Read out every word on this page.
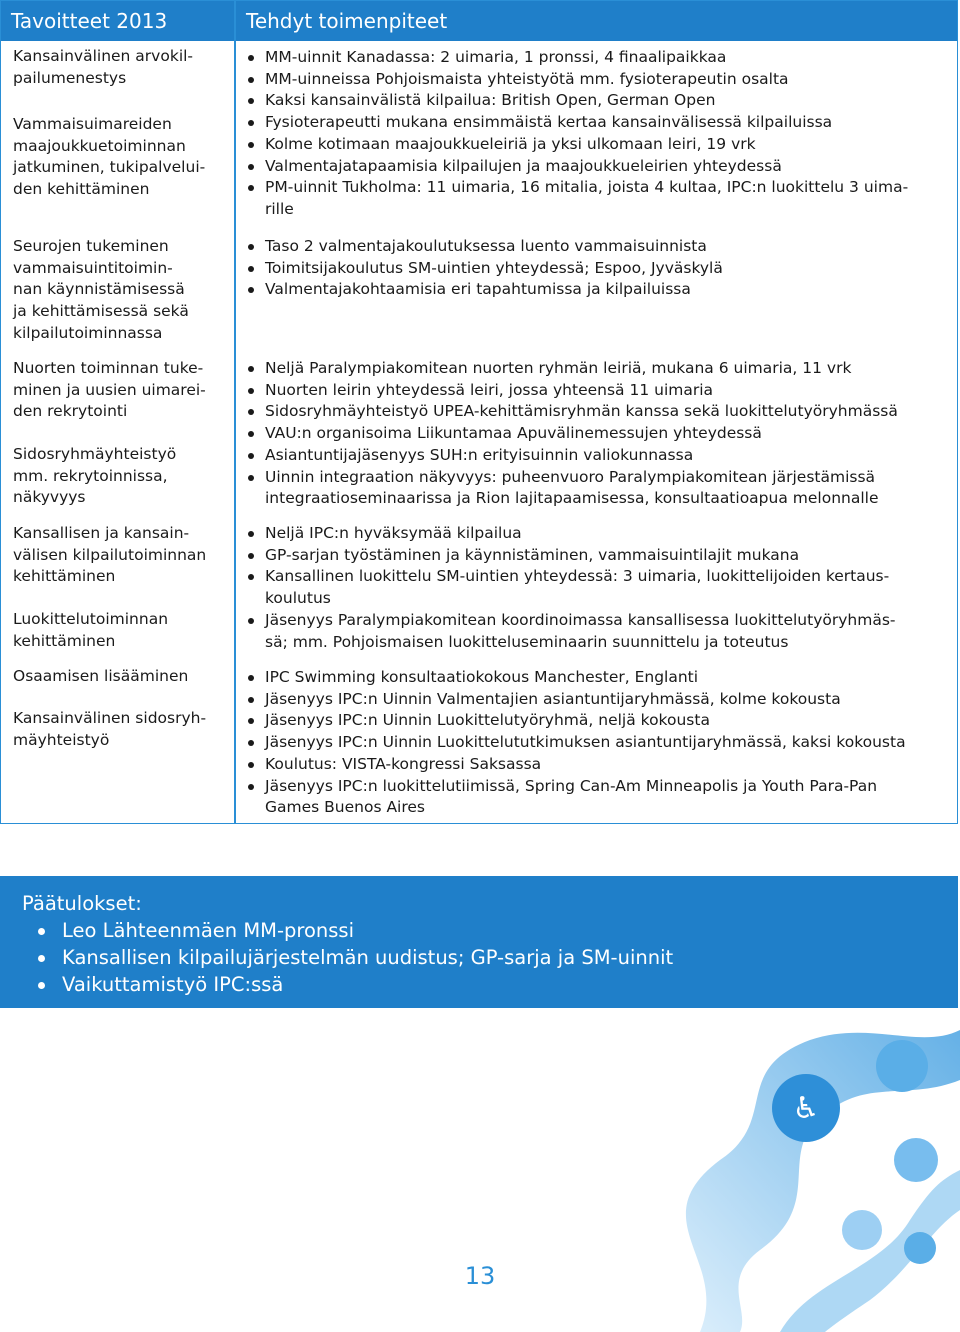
Tavoitteet 2013	Tehdyt toimenpiteet

Kansainvälinen arvokil-
pailumenestys

Vammaisuimareiden
maajoukkuetoiminnan
jatkuminen, tukipalvelui-
den kehittäminen

Seurojen tukeminen
vammaisuintitoimin-
nan käynnistämisessä
ja kehittämisessä sekä
kilpailutoiminnassa

Nuorten toiminnan tuke-
minen ja uusien uimarei-
den rekrytointi

Sidosryhmäyhteistyö
mm. rekrytoinnissa,
näkyvyys

Kansallisen ja kansain-
välisen kilpailutoiminnan
kehittäminen

Luokittelutoiminnan
kehittäminen

Osaamisen lisääminen

Kansainvälinen sidosryh-
mäyhteistyö

MM-uinnit Kanadassa: 2 uimaria, 1 pronssi, 4 finaalipaikkaa
MM-uinneissa Pohjoismaista yhteistyötä mm. fysioterapeutin osalta
Kaksi kansainvälistä kilpailua: British Open, German Open
Fysioterapeutti mukana ensimmäistä kertaa kansainvälisessä kilpailuissa
Kolme kotimaan maajoukkueleiriä ja yksi ulkomaan leiri, 19 vrk
Valmentajatapaamisia kilpailujen ja maajoukkueleirien yhteydessä
PM-uinnit Tukholma: 11 uimaria, 16 mitalia, joista 4 kultaa, IPC:n luokittelu 3 uima-
rille
Taso 2 valmentajakoulutuksessa luento vammaisuinnista
Toimitsijakoulutus SM-uintien yhteydessä; Espoo, Jyväskylä
Valmentajakohtaamisia eri tapahtumissa ja kilpailuissa
Neljä Paralympiakomitean nuorten ryhmän leiriä, mukana 6 uimaria, 11 vrk
Nuorten leirin yhteydessä leiri, jossa yhteensä 11 uimaria
Sidosryhmäyhteistyö UPEA-kehittämisryhmän kanssa sekä luokittelutyöryhmässä
VAU:n organisoima Liikuntamaa Apuvälinemessujen yhteydessä
Asiantuntijajäsenyys SUH:n erityisuinnin valiokunnassa
Uinnin integraation näkyvyys: puheenvuoro Paralympiakomitean järjestämissä
integraatioseminaarissa ja Rion lajitapaamisessa, konsultaatioapua melonnalle
Neljä IPC:n hyväksymää kilpailua
GP-sarjan työstäminen ja käynnistäminen, vammaisuintilajit mukana
Kansallinen luokittelu SM-uintien yhteydessä: 3 uimaria, luokittelijoiden kertaus-
koulutus
Jäsenyys Paralympiakomitean koordinoimassa kansallisessa luokittelutyöryhmäs-
sä; mm. Pohjoismaisen luokitteluseminaarin suunnittelu ja toteutus
IPC Swimming konsultaatiokokous Manchester, Englanti
Jäsenyys IPC:n Uinnin Valmentajien asiantuntijaryhmässä, kolme kokousta
Jäsenyys IPC:n Uinnin Luokittelutyöryhmä, neljä kokousta
Jäsenyys IPC:n Uinnin Luokittelututkimuksen asiantuntijaryhmässä, kaksi kokousta
Koulutus: VISTA-kongressi Saksassa
Jäsenyys IPC:n luokittelutiimissä, Spring Can-Am Minneapolis ja Youth Para-Pan
Games Buenos Aires
Päätulokset:
Leo Lähteenmäen MM-pronssi
Kansallisen kilpailujärjestelmän uudistus; GP-sarja ja SM-uinnit
Vaikuttamistyö IPC:ssä
♿
13
